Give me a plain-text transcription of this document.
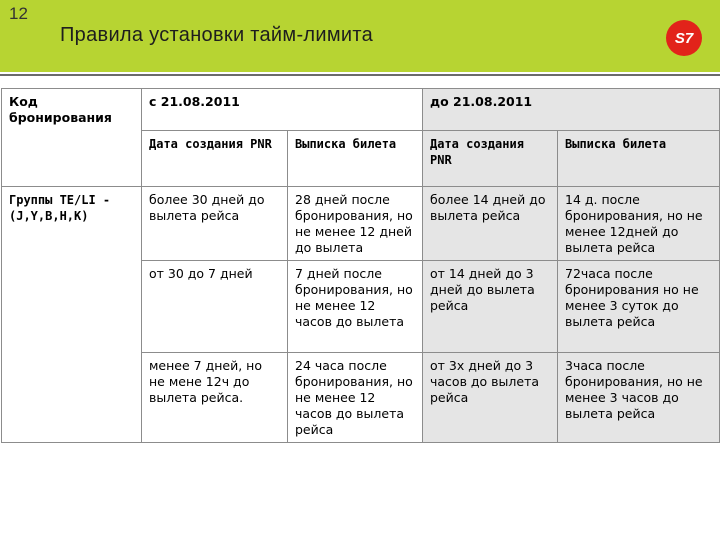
12
Правила установки тайм-лимита	S7
Код бронирования	с 21.08.2011		до 21.08.2011	
	Дата создания PNR	Выписка билета	Дата создания PNR	Выписка билета
Группы TE/LI - (J,Y,B,H,K)	более 30 дней до вылета рейса	28 дней после бронирования, но не менее 12 дней до вылета	более 14 дней до вылета рейса	14 д. после бронирования, но не менее 12дней до вылета рейса
	от 30 до 7 дней	7 дней после бронирования, но не менее 12 часов до вылета	от 14 дней до 3 дней до вылета рейса	72часа после бронирования но не менее 3 суток до вылета рейса
	менее 7 дней, но не мене 12ч до вылета рейса.	24 часа после бронирования, но не менее 12 часов до вылета рейса	от 3х дней до 3 часов до вылета рейса	3часа после бронирования, но не менее 3 часов до вылета рейса
